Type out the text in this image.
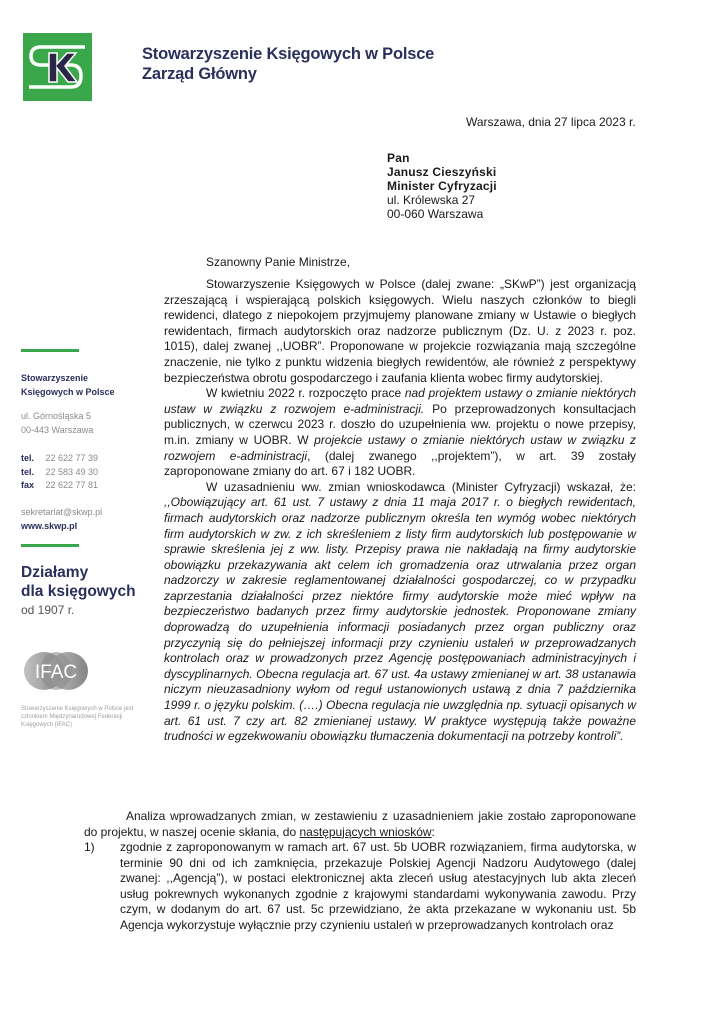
Stowarzyszenie Księgowych w Polsce
Zarząd Główny
Warszawa, dnia 27 lipca 2023 r.
Pan
Janusz Cieszyński
Minister Cyfryzacji
ul. Królewska 27
00-060 Warszawa
Stowarzyszenie
Księgowych w Polsce
ul. Górnośląska 5
00-443 Warszawa
tel. 22 622 77 39
tel. 22 583 49 30
fax 22 622 77 81
sekretariat@skwp.pl
www.skwp.pl
Działamy
dla księgowych
od 1907 r.
IFAC
Stowarzyszenie Księgowych w Polsce jest członkiem Międzynarodowej Federacji Księgowych (IFAC)
Szanowny Panie Ministrze,

Stowarzyszenie Księgowych w Polsce (dalej zwane: „SKwP”) jest organizacją zrzeszającą i wspierającą polskich księgowych. Wielu naszych członków to biegli rewidenci, dlatego z niepokojem przyjmujemy planowane zmiany w Ustawie o biegłych rewidentach, firmach audytorskich oraz nadzorze publicznym (Dz. U. z 2023 r. poz. 1015), dalej zwanej ,,UOBR”. Proponowane w projekcie rozwiązania mają szczególne znaczenie, nie tylko z punktu widzenia biegłych rewidentów, ale również z perspektywy bezpieczeństwa obrotu gospodarczego i zaufania klienta wobec firmy audytorskiej.

W kwietniu 2022 r. rozpoczęto prace nad projektem ustawy o zmianie niektórych ustaw w związku z rozwojem e-administracji. Po przeprowadzonych konsultacjach publicznych, w czerwcu 2023 r. doszło do uzupełnienia ww. projektu o nowe przepisy, m.in. zmiany w UOBR. W projekcie ustawy o zmianie niektórych ustaw w związku z rozwojem e-administracji, (dalej zwanego ,,projektem”), w art. 39 zostały zaproponowane zmiany do art. 67 i 182 UOBR.

W uzasadnieniu ww. zmian wnioskodawca (Minister Cyfryzacji) wskazał, że: ,,Obowiązujący art. 61 ust. 7 ustawy z dnia 11 maja 2017 r. o biegłych rewidentach, firmach audytorskich oraz nadzorze publicznym określa ten wymóg wobec niektórych firm audytorskich w zw. z ich skreśleniem z listy firm audytorskich lub postępowanie w sprawie skreślenia jej z ww. listy. Przepisy prawa nie nakładają na firmy audytorskie obowiązku przekazywania akt celem ich gromadzenia oraz utrwalania przez organ nadzorczy w zakresie reglamentowanej działalności gospodarczej, co w przypadku zaprzestania działalności przez niektóre firmy audytorskie może mieć wpływ na bezpieczeństwo badanych przez firmy audytorskie jednostek. Proponowane zmiany doprowadzą do uzupełnienia informacji posiadanych przez organ publiczny oraz przyczynią się do pełniejszej informacji przy czynieniu ustaleń w przeprowadzanych kontrolach oraz w prowadzonych przez Agencję postępowaniach administracyjnych i dyscyplinarnych. Obecna regulacja art. 67 ust. 4a ustawy zmienianej w art. 38 ustanawia niczym nieuzasadniony wyłom od reguł ustanowionych ustawą z dnia 7 października 1999 r. o języku polskim. (….) Obecna regulacja nie uwzględnia np. sytuacji opisanych w art. 61 ust. 7 czy art. 82 zmienianej ustawy. W praktyce występują także poważne trudności w egzekwowaniu obowiązku tłumaczenia dokumentacji na potrzeby kontroli”.

Analiza wprowadzanych zmian, w zestawieniu z uzasadnieniem jakie zostało zaproponowane do projektu, w naszej ocenie skłania, do następujących wniosków:
1) zgodnie z zaproponowanym w ramach art. 67 ust. 5b UOBR rozwiązaniem, firma audytorska, w terminie 90 dni od ich zamknięcia, przekazuje Polskiej Agencji Nadzoru Audytowego (dalej zwanej: ,,Agencją”), w postaci elektronicznej akta zleceń usług atestacyjnych lub akta zleceń usług pokrewnych wykonanych zgodnie z krajowymi standardami wykonywania zawodu. Przy czym, w dodanym do art. 67 ust. 5c przewidziano, że akta przekazane w wykonaniu ust. 5b Agencja wykorzystuje wyłącznie przy czynieniu ustaleń w przeprowadzanych kontrolach oraz
